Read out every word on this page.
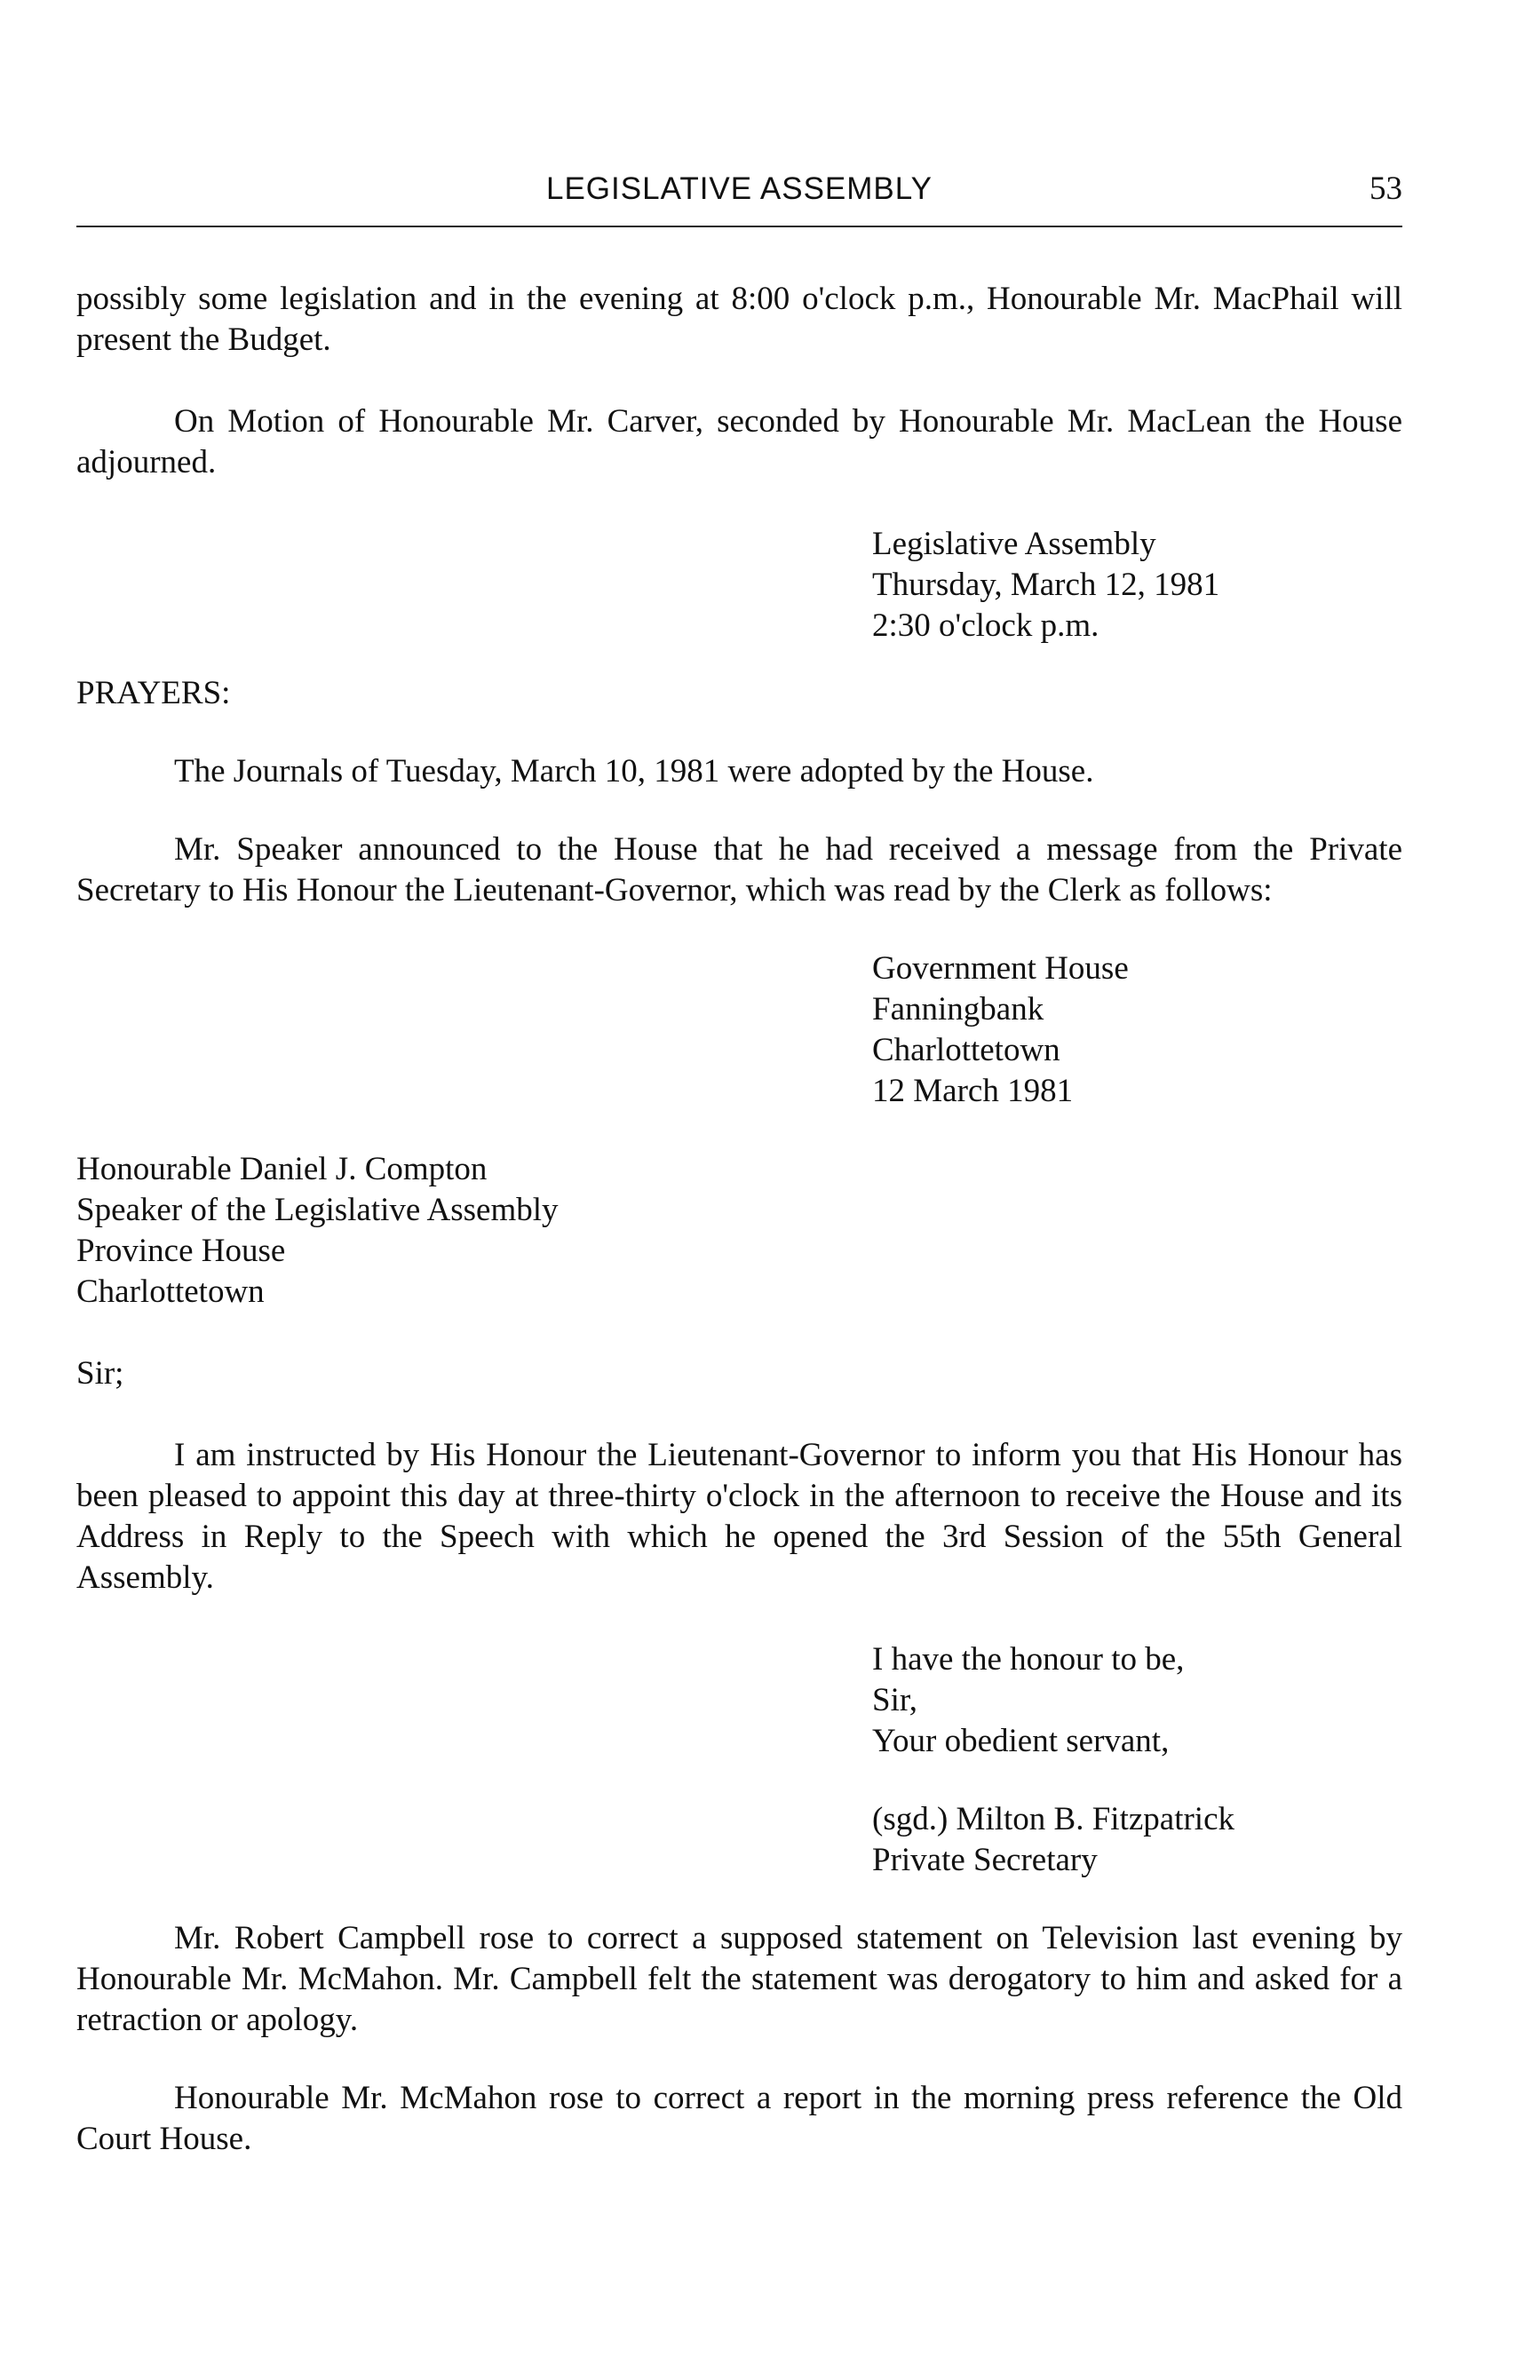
LEGISLATIVE ASSEMBLY	53

possibly some legislation and in the evening at 8:00 o'clock p.m., Honourable Mr. MacPhail will present the Budget.

On Motion of Honourable Mr. Carver, seconded by Honourable Mr. MacLean the House adjourned.

Legislative Assembly
Thursday, March 12, 1981
2:30 o'clock p.m.

PRAYERS:

The Journals of Tuesday, March 10, 1981 were adopted by the House.

Mr. Speaker announced to the House that he had received a message from the Private Secretary to His Honour the Lieutenant-Governor, which was read by the Clerk as follows:

Government House
Fanningbank
Charlottetown
12 March 1981
Honourable Daniel J. Compton
Speaker of the Legislative Assembly
Province House
Charlottetown

Sir;

I am instructed by His Honour the Lieutenant-Governor to inform you that His Honour has been pleased to appoint this day at three-thirty o'clock in the afternoon to receive the House and its Address in Reply to the Speech with which he opened the 3rd Session of the 55th General Assembly.

I have the honour to be,
Sir,
Your obedient servant,
(sgd.) Milton B. Fitzpatrick
Private Secretary

Mr. Robert Campbell rose to correct a supposed statement on Television last evening by Honourable Mr. McMahon. Mr. Campbell felt the statement was derogatory to him and asked for a retraction or apology.

Honourable Mr. McMahon rose to correct a report in the morning press reference the Old Court House.
